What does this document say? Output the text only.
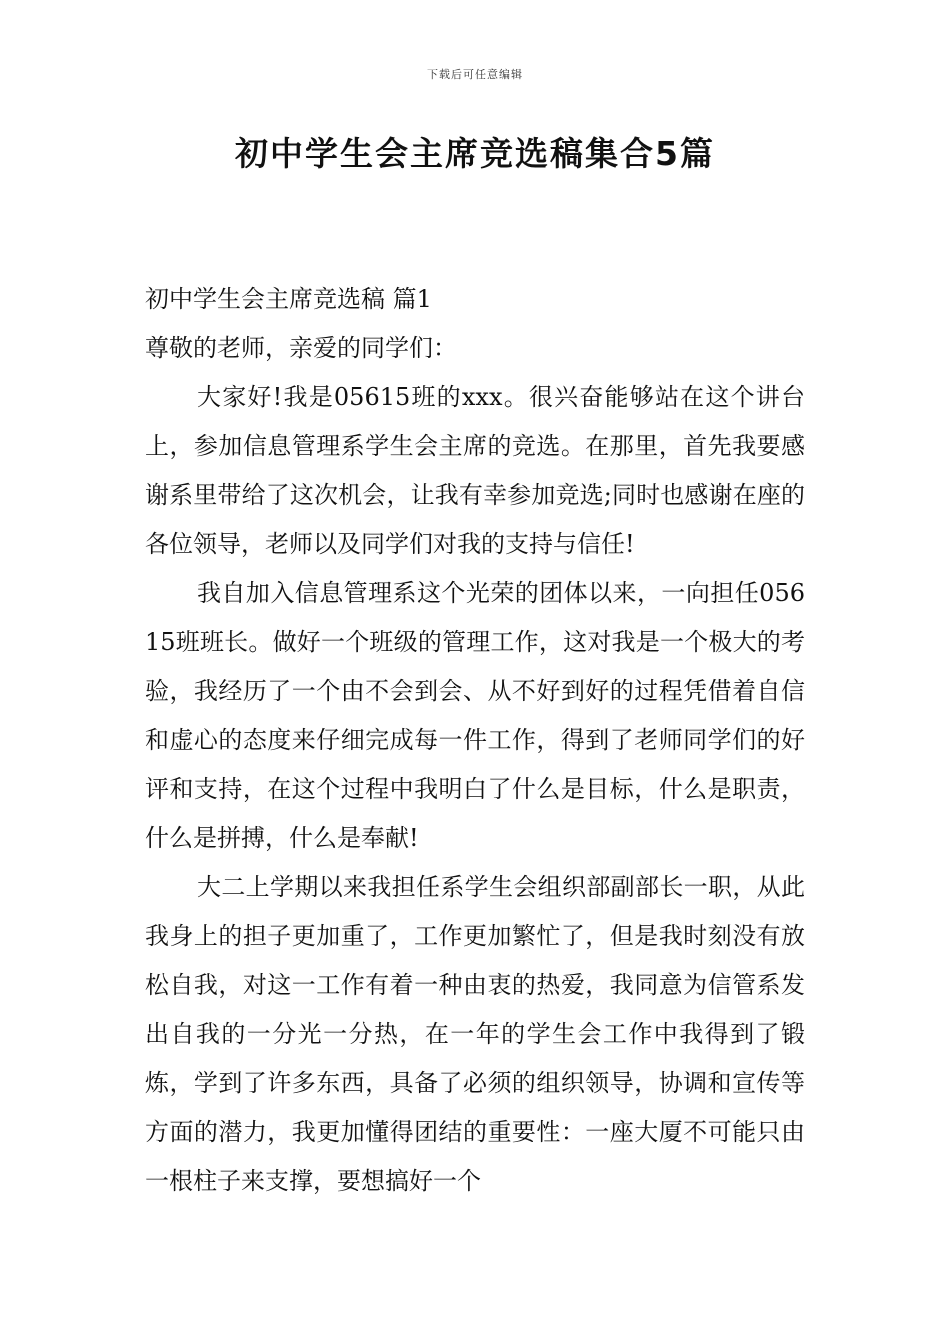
下载后可任意编辑
初中学生会主席竞选稿集合5篇

初中学生会主席竞选稿 篇1

尊敬的老师，亲爱的同学们：

大家好!我是05615班的xxx。很兴奋能够站在这个讲台上，参加信息管理系学生会主席的竞选。在那里，首先我要感谢系里带给了这次机会，让我有幸参加竞选;同时也感谢在座的各位领导，老师以及同学们对我的支持与信任!

我自加入信息管理系这个光荣的团体以来，一向担任05615班班长。做好一个班级的管理工作，这对我是一个极大的考验，我经历了一个由不会到会、从不好到好的过程凭借着自信和虚心的态度来仔细完成每一件工作，得到了老师同学们的好评和支持，在这个过程中我明白了什么是目标，什么是职责，什么是拼搏，什么是奉献!

大二上学期以来我担任系学生会组织部副部长一职，从此我身上的担子更加重了，工作更加繁忙了，但是我时刻没有放松自我，对这一工作有着一种由衷的热爱，我同意为信管系发出自我的一分光一分热，在一年的学生会工作中我得到了锻炼，学到了许多东西，具备了必须的组织领导，协调和宣传等方面的潜力，我更加懂得团结的重要性：一座大厦不可能只由一根柱子来支撑，要想搞好一个
